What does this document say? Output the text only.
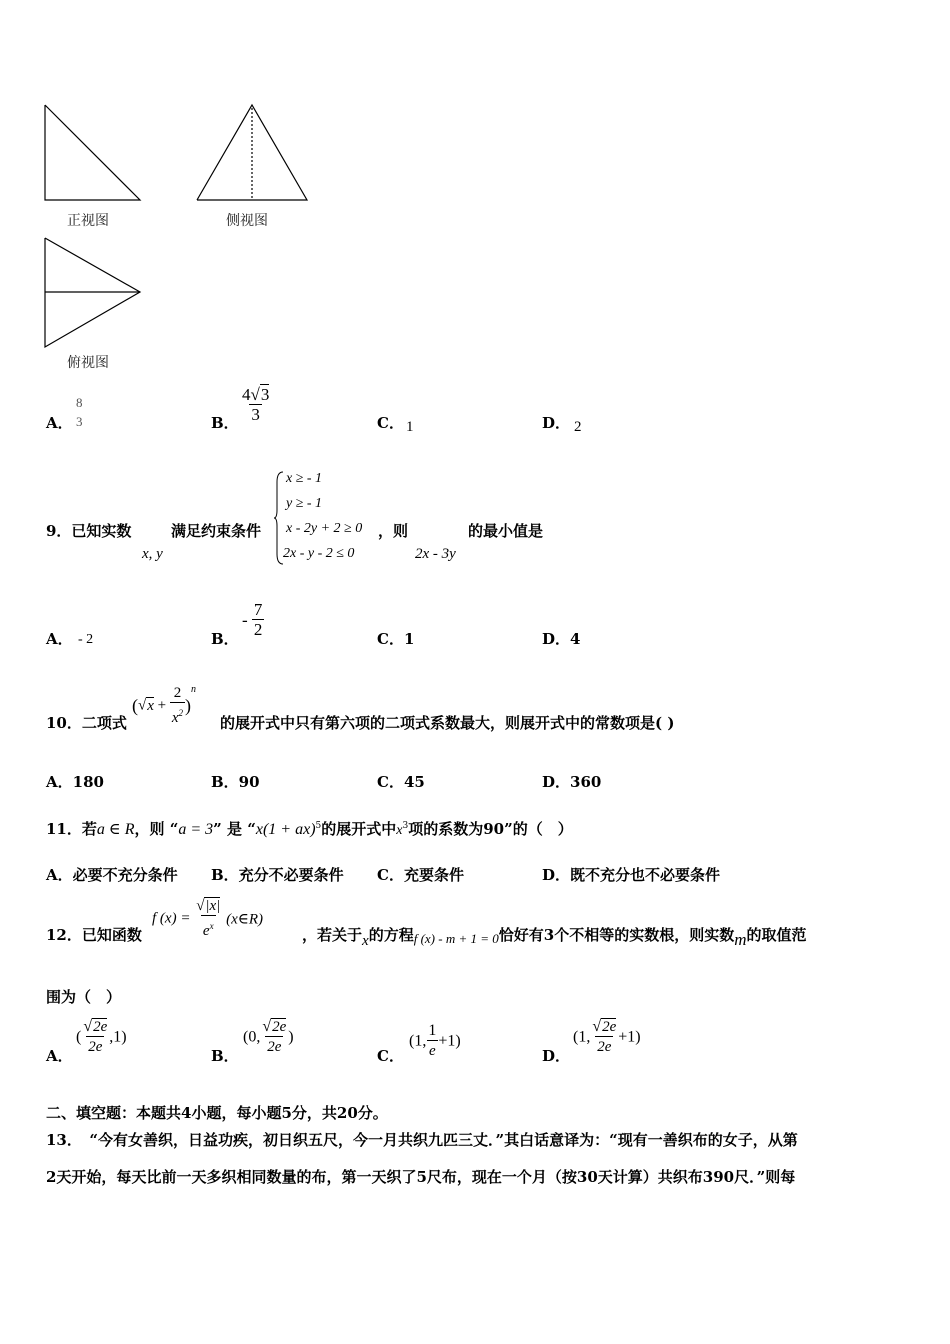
正视图	侧视图
俯视图
A．
8
3	B． $\frac{4√3}{3}$	C． 1	D． 2
9．已知实数
x, y
满足约束条件
x ≥ - 1
y ≥ - 1
x - 2y + 2 ≥ 0
2x - y - 2 ≤ 0
，则
2x - 3y
的最小值是
A． - 2	B．
- $\frac{7}{2}$	C．1	D．4
10．二项式
$(√x + \frac{2}{x^2} )^n$
的展开式中只有第六项的二项式系数最大，则展开式中的常数项是( )
A．180	B．90	C．45	D．360
11．若a ∈ R，则 “a = 3” 是 “x(1 + ax)$^5$的展开式中$x^3$项的系数为90”的（　）
A．必要不充分条件 B．充分不必要条件 C．充要条件	D．既不充分也不必要条件
12．已知函数
f $(x) = \frac{√|x|}{e^x}$ (x∈R)
，若关于x的方程f (x) - m + 1 = 0恰好有3个不相等的实数根，则实数m的取值范
围为（　）
A．
( $\frac{√2e}{2e} ,1$)
B．
(0, $\frac{√2e}{2e}$ )
C．
(1, $\frac{1}{e} +1$)
D．
(1, $\frac{√2e}{2e} +1$)
二、填空题：本题共4小题，每小题5分，共20分。
13．　“今有女善织，日益功疾，初日织五尺，今一月共织九匹三丈．”其白话意译为：“现有一善织布的女子，从第
2天开始，每天比前一天多织相同数量的布，第一天织了5尺布，现在一个月（按30天计算）共织布390尺．”则每
